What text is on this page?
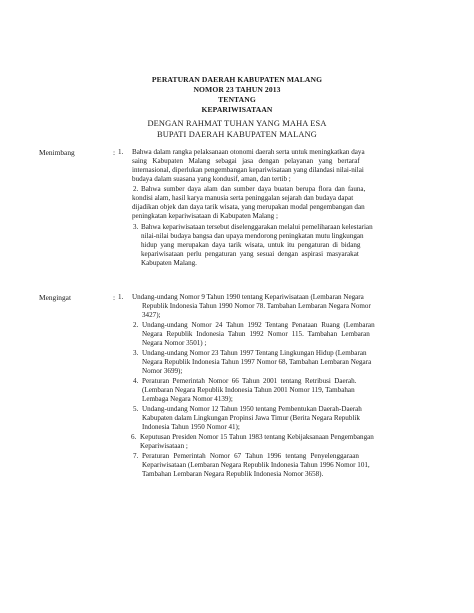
PERATURAN DAERAH KABUPATEN MALANG
NOMOR 23 TAHUN 2013
TENTANG
KEPARIWISATAAN
DENGAN RAHMAT TUHAN YANG MAHA ESA
BUPATI DAERAH KABUPATEN MALANG
Menimbang	: 1. Bahwa dalam rangka pelaksanaan otonomi daerah serta untuk meningkatkan daya
saing Kabupaten Malang sebagai jasa dengan pelayanan yang bertaraf
internasional, diperlukan pengembangan kepariwisataan yang dilandasi nilai-nilai
budaya dalam suasana yang kondusif, aman, dan tertib ;
2. Bahwa sumber daya alam dan sumber daya buatan berupa flora dan fauna,
kondisi alam, hasil karya manusia serta peninggalan sejarah dan budaya dapat
dijadikan objek dan daya tarik wisata, yang merupakan modal pengembangan dan
peningkatan kepariwisataan di Kabupaten Malang ;
3. Bahwa kepariwisataan tersebut diselenggarakan melalui pemeliharaan kelestarian
nilai-nilai budaya bangsa dan upaya mendorong peningkatan mutu lingkungan
hidup yang merupakan daya tarik wisata, untuk itu pengaturan di bidang
kepariwisataan perlu pengaturan yang sesuai dengan aspirasi masyarakat
Kabupaten Malang.
Mengingat	: 1. Undang-undang Nomor 9 Tahun 1990 tentang Kepariwisataan (Lembaran Negara
Republik Indonesia Tahun 1990 Nomor 78. Tambahan Lembaran Negara Nomor
3427);
2. Undang-undang Nomor 24 Tahun 1992 Tentang Penataan Ruang (Lembaran
Negara Republik Indonesia Tahun 1992 Nomor 115. Tambahan Lembaran
Negara Nomor 3501) ;
3. Undang-undang Nomor 23 Tahun 1997 Tentang Lingkungan Hidup (Lembaran
Negara Republik Indonesia Tahun 1997 Nomor 68, Tambahan Lembaran Negara
Nomor 3699);
4. Peraturan Pemerintah Nomor 66 Tahun 2001 tentang Retribusi Daerah.
(Lembaran Negara Republik Indonesia Tahun 2001 Nomor 119, Tambahan
Lembaga Negara Nomor 4139);
5. Undang-undang Nomor 12 Tahun 1950 tentang Pembentukan Daerah-Daerah
Kabupaten dalam Lingkungan Propinsi Jawa Timur (Berita Negara Republik
Indonesia Tahun 1950 Nomor 41);
6. Keputusan Presiden Nomor 15 Tahun 1983 tentang Kebijaksanaan Pengembangan
Kepariwisataan ;
7. Peraturan Pemerintah Nomor 67 Tahun 1996 tentang Penyelenggaraan
Kepariwisataan (Lembaran Negara Republik Indonesia Tahun 1996 Nomor 101,
Tambahan Lembaran Negara Republik Indonesia Nomor 3658).
